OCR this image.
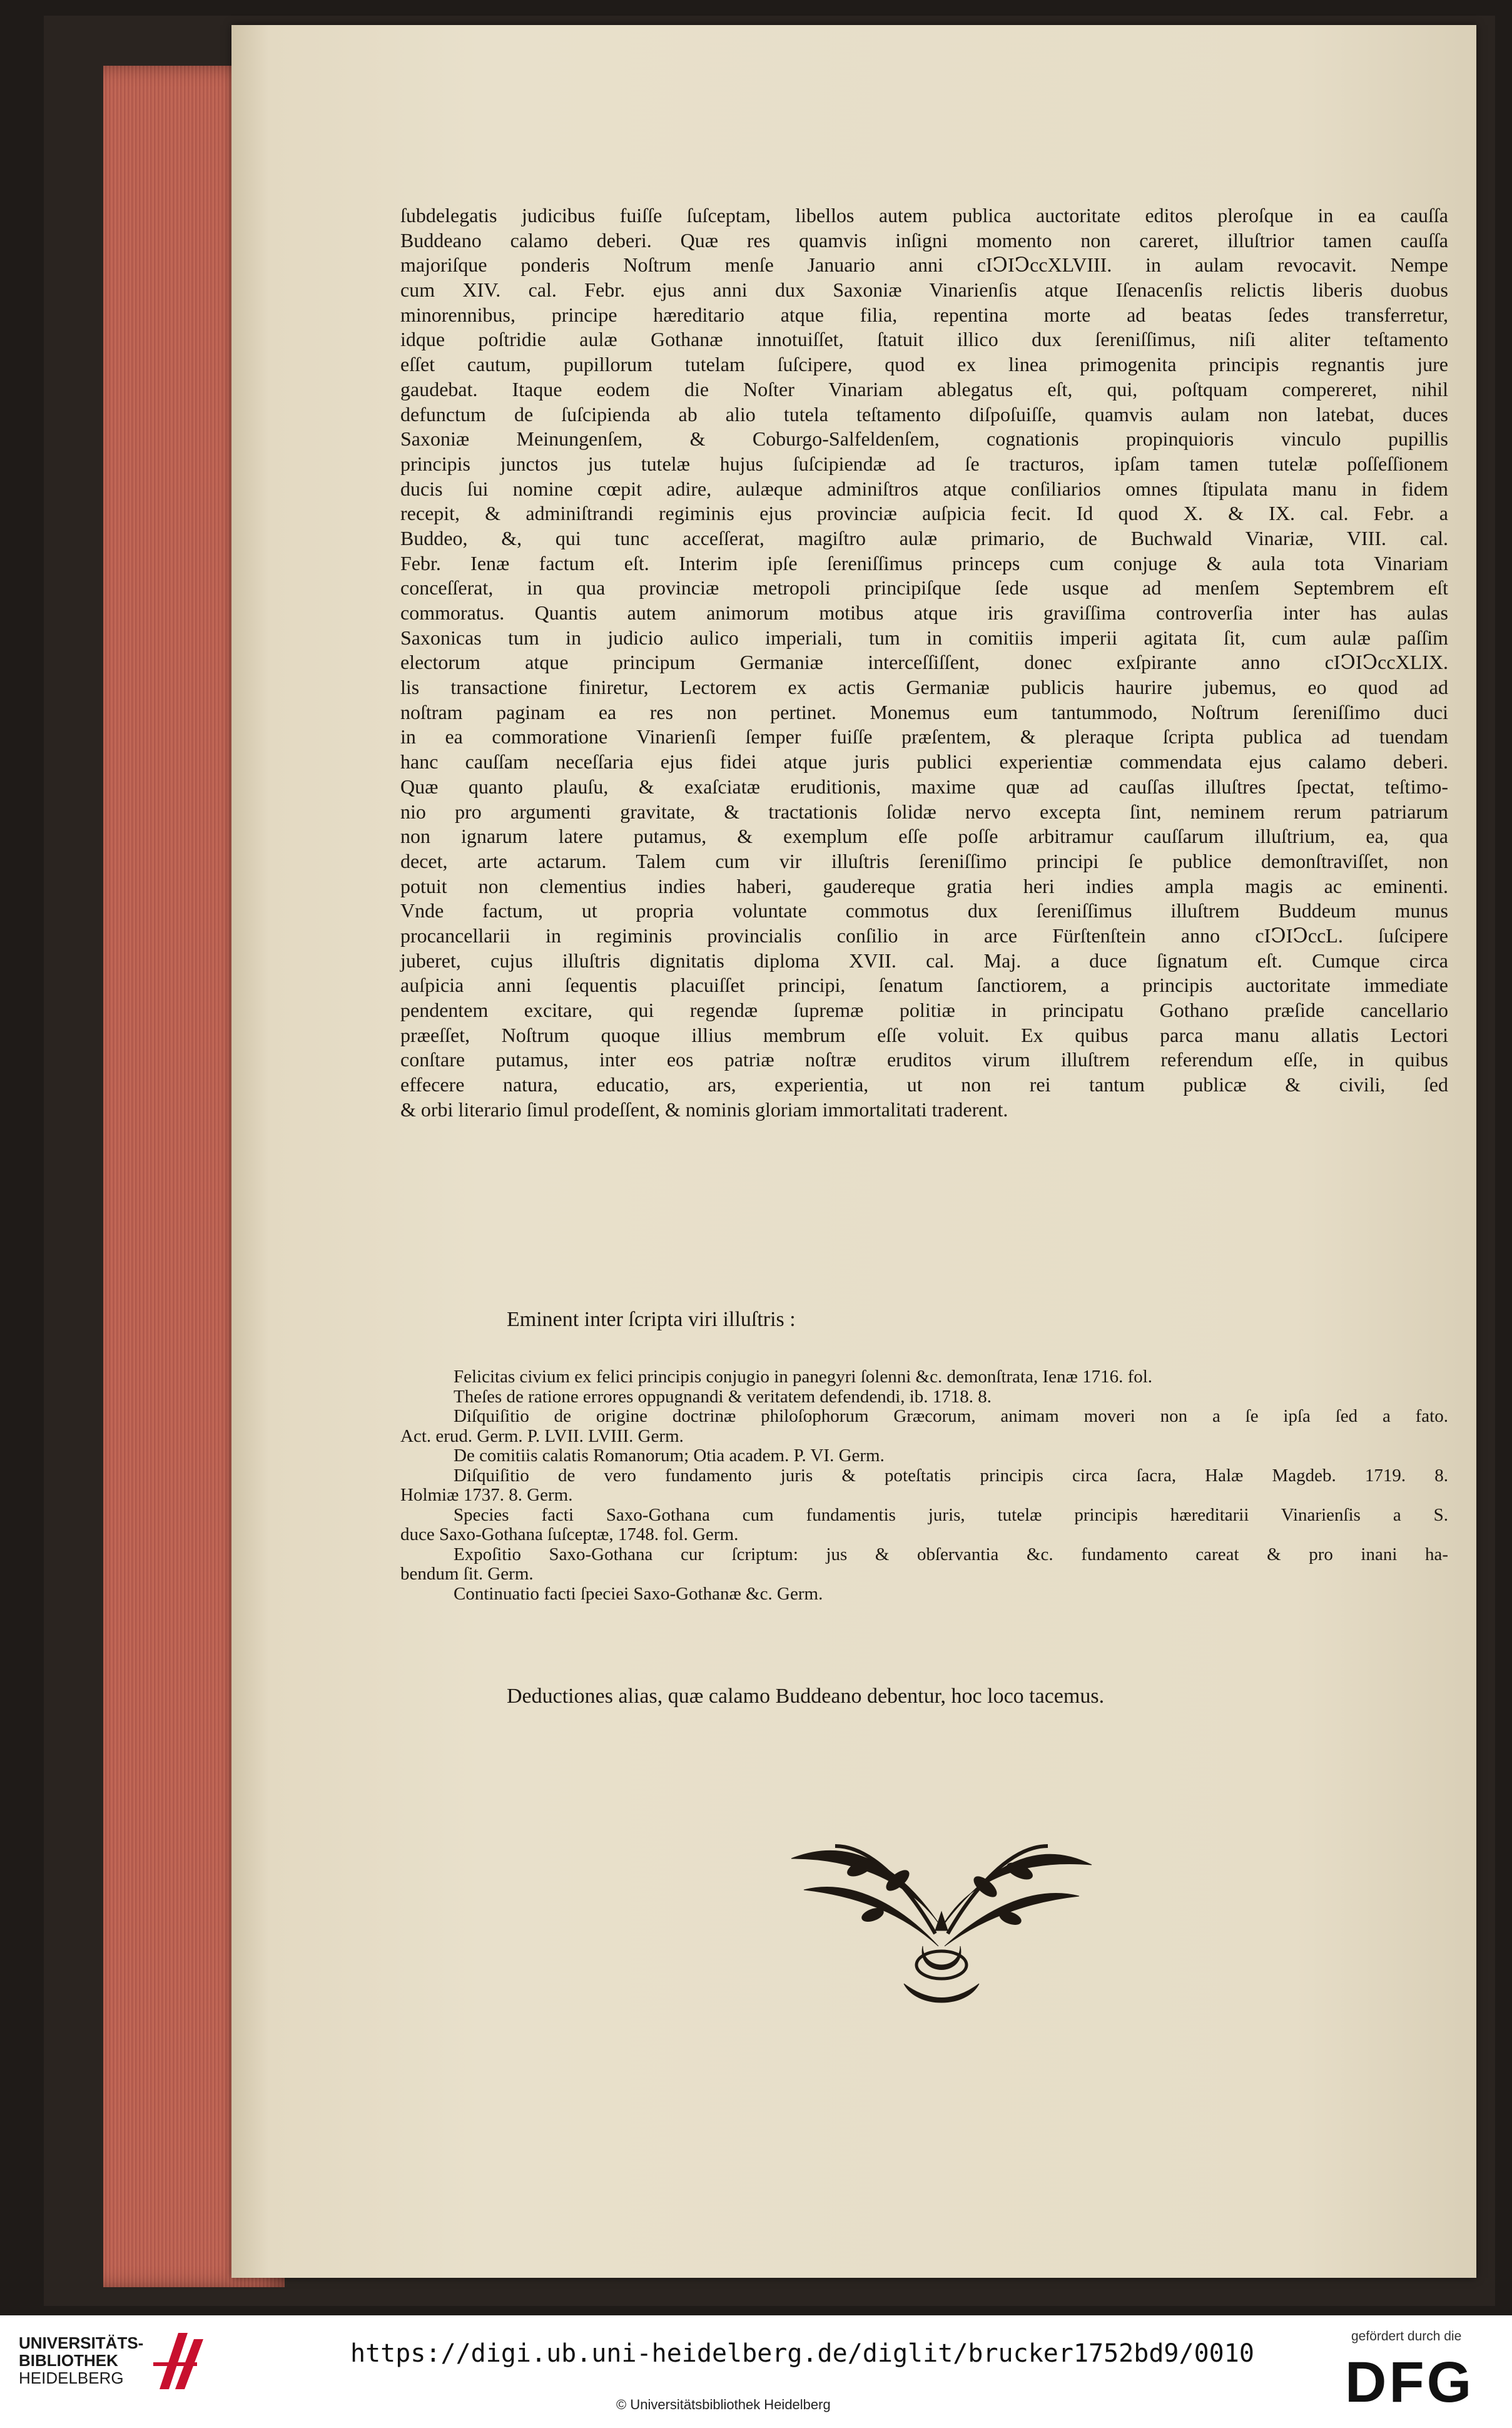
ſubdelegatis judicibus fuiſſe ſuſceptam, libellos autem publica auctoritate editos pleroſque in ea cauſſa
Buddeano calamo deberi. Quæ res quamvis inſigni momento non careret, illuſtrior tamen cauſſa
majoriſque ponderis Noſtrum menſe Januario anni cIↃIↃccXLVIII. in aulam revocavit. Nempe
cum XIV. cal. Febr. ejus anni dux Saxoniæ Vinarienſis atque Iſenacenſis relictis liberis duobus
minorennibus, principe hæreditario atque filia, repentina morte ad beatas ſedes transferretur,
idque poſtridie aulæ Gothanæ innotuiſſet, ſtatuit illico dux ſereniſſimus, niſi aliter teſtamento
eſſet cautum, pupillorum tutelam ſuſcipere, quod ex linea primogenita principis regnantis jure
gaudebat. Itaque eodem die Noſter Vinariam ablegatus eſt, qui, poſtquam compereret, nihil
defunctum de ſuſcipienda ab alio tutela teſtamento diſpoſuiſſe, quamvis aulam non latebat, duces
Saxoniæ Meinungenſem, & Coburgo-Salfeldenſem, cognationis propinquioris vinculo pupillis
principis junctos jus tutelæ hujus ſuſcipiendæ ad ſe tracturos, ipſam tamen tutelæ poſſeſſionem
ducis ſui nomine cœpit adire, aulæque adminiſtros atque conſiliarios omnes ſtipulata manu in fidem
recepit, & adminiſtrandi regiminis ejus provinciæ auſpicia fecit. Id quod X. & IX. cal. Febr. a
Buddeo, &, qui tunc acceſſerat, magiſtro aulæ primario, de Buchwald Vinariæ, VIII. cal.
Febr. Ienæ factum eſt. Interim ipſe ſereniſſimus princeps cum conjuge & aula tota Vinariam
conceſſerat, in qua provinciæ metropoli principiſque ſede usque ad menſem Septembrem eſt
commoratus. Quantis autem animorum motibus atque iris graviſſima controverſia inter has aulas
Saxonicas tum in judicio aulico imperiali, tum in comitiis imperii agitata ſit, cum aulæ paſſim
electorum atque principum Germaniæ interceſſiſſent, donec exſpirante anno cIↃIↃccXLIX.
lis transactione finiretur, Lectorem ex actis Germaniæ publicis haurire jubemus, eo quod ad
noſtram paginam ea res non pertinet. Monemus eum tantummodo, Noſtrum ſereniſſimo duci
in ea commoratione Vinarienſi ſemper fuiſſe præſentem, & pleraque ſcripta publica ad tuendam
hanc cauſſam neceſſaria ejus fidei atque juris publici experientiæ commendata ejus calamo deberi.
Quæ quanto plauſu, & exaſciatæ eruditionis, maxime quæ ad cauſſas illuſtres ſpectat, teſtimo-
nio pro argumenti gravitate, & tractationis ſolidæ nervo excepta ſint, neminem rerum patriarum
non ignarum latere putamus, & exemplum eſſe poſſe arbitramur cauſſarum illuſtrium, ea, qua
decet, arte actarum. Talem cum vir illuſtris ſereniſſimo principi ſe publice demonſtraviſſet, non
potuit non clementius indies haberi, gaudereque gratia heri indies ampla magis ac eminenti.
Vnde factum, ut propria voluntate commotus dux ſereniſſimus illuſtrem Buddeum munus
procancellarii in regiminis provincialis conſilio in arce Fürſtenſtein anno cIↃIↃccL. ſuſcipere
juberet, cujus illuſtris dignitatis diploma XVII. cal. Maj. a duce ſignatum eſt. Cumque circa
auſpicia anni ſequentis placuiſſet principi, ſenatum ſanctiorem, a principis auctoritate immediate
pendentem excitare, qui regendæ ſupremæ politiæ in principatu Gothano præſide cancellario
præeſſet, Noſtrum quoque illius membrum eſſe voluit. Ex quibus parca manu allatis Lectori
conſtare putamus, inter eos patriæ noſtræ eruditos virum illuſtrem referendum eſſe, in quibus
effecere natura, educatio, ars, experientia, ut non rei tantum publicæ & civili, ſed
& orbi literario ſimul prodeſſent, & nominis gloriam immortalitati traderent.
Eminent inter ſcripta viri illuſtris :
Felicitas civium ex felici principis conjugio in panegyri ſolenni &c. demonſtrata, Ienæ 1716. fol.
Theſes de ratione errores oppugnandi & veritatem defendendi, ib. 1718. 8.
Diſquiſitio de origine doctrinæ philoſophorum Græcorum, animam moveri non a ſe ipſa ſed a fato.
Act. erud. Germ. P. LVII. LVIII. Germ.
De comitiis calatis Romanorum; Otia academ. P. VI. Germ.
Diſquiſitio de vero fundamento juris & poteſtatis principis circa ſacra, Halæ Magdeb. 1719. 8.
Holmiæ 1737. 8. Germ.
Species facti Saxo-Gothana cum fundamentis juris, tutelæ principis hæreditarii Vinarienſis a S.
duce Saxo-Gothana ſuſceptæ, 1748. fol. Germ.
Expoſitio Saxo-Gothana cur ſcriptum: jus & obſervantia &c. fundamento careat & pro inani ha-
bendum ſit. Germ.
Continuatio facti ſpeciei Saxo-Gothanæ &c. Germ.
Deductiones alias, quæ calamo Buddeano debentur, hoc loco tacemus.
UNIVERSITÄTS-
BIBLIOTHEK
HEIDELBERG
https://digi.ub.uni-heidelberg.de/diglit/brucker1752bd9/0010
© Universitätsbibliothek Heidelberg
gefördert durch die
DFG
